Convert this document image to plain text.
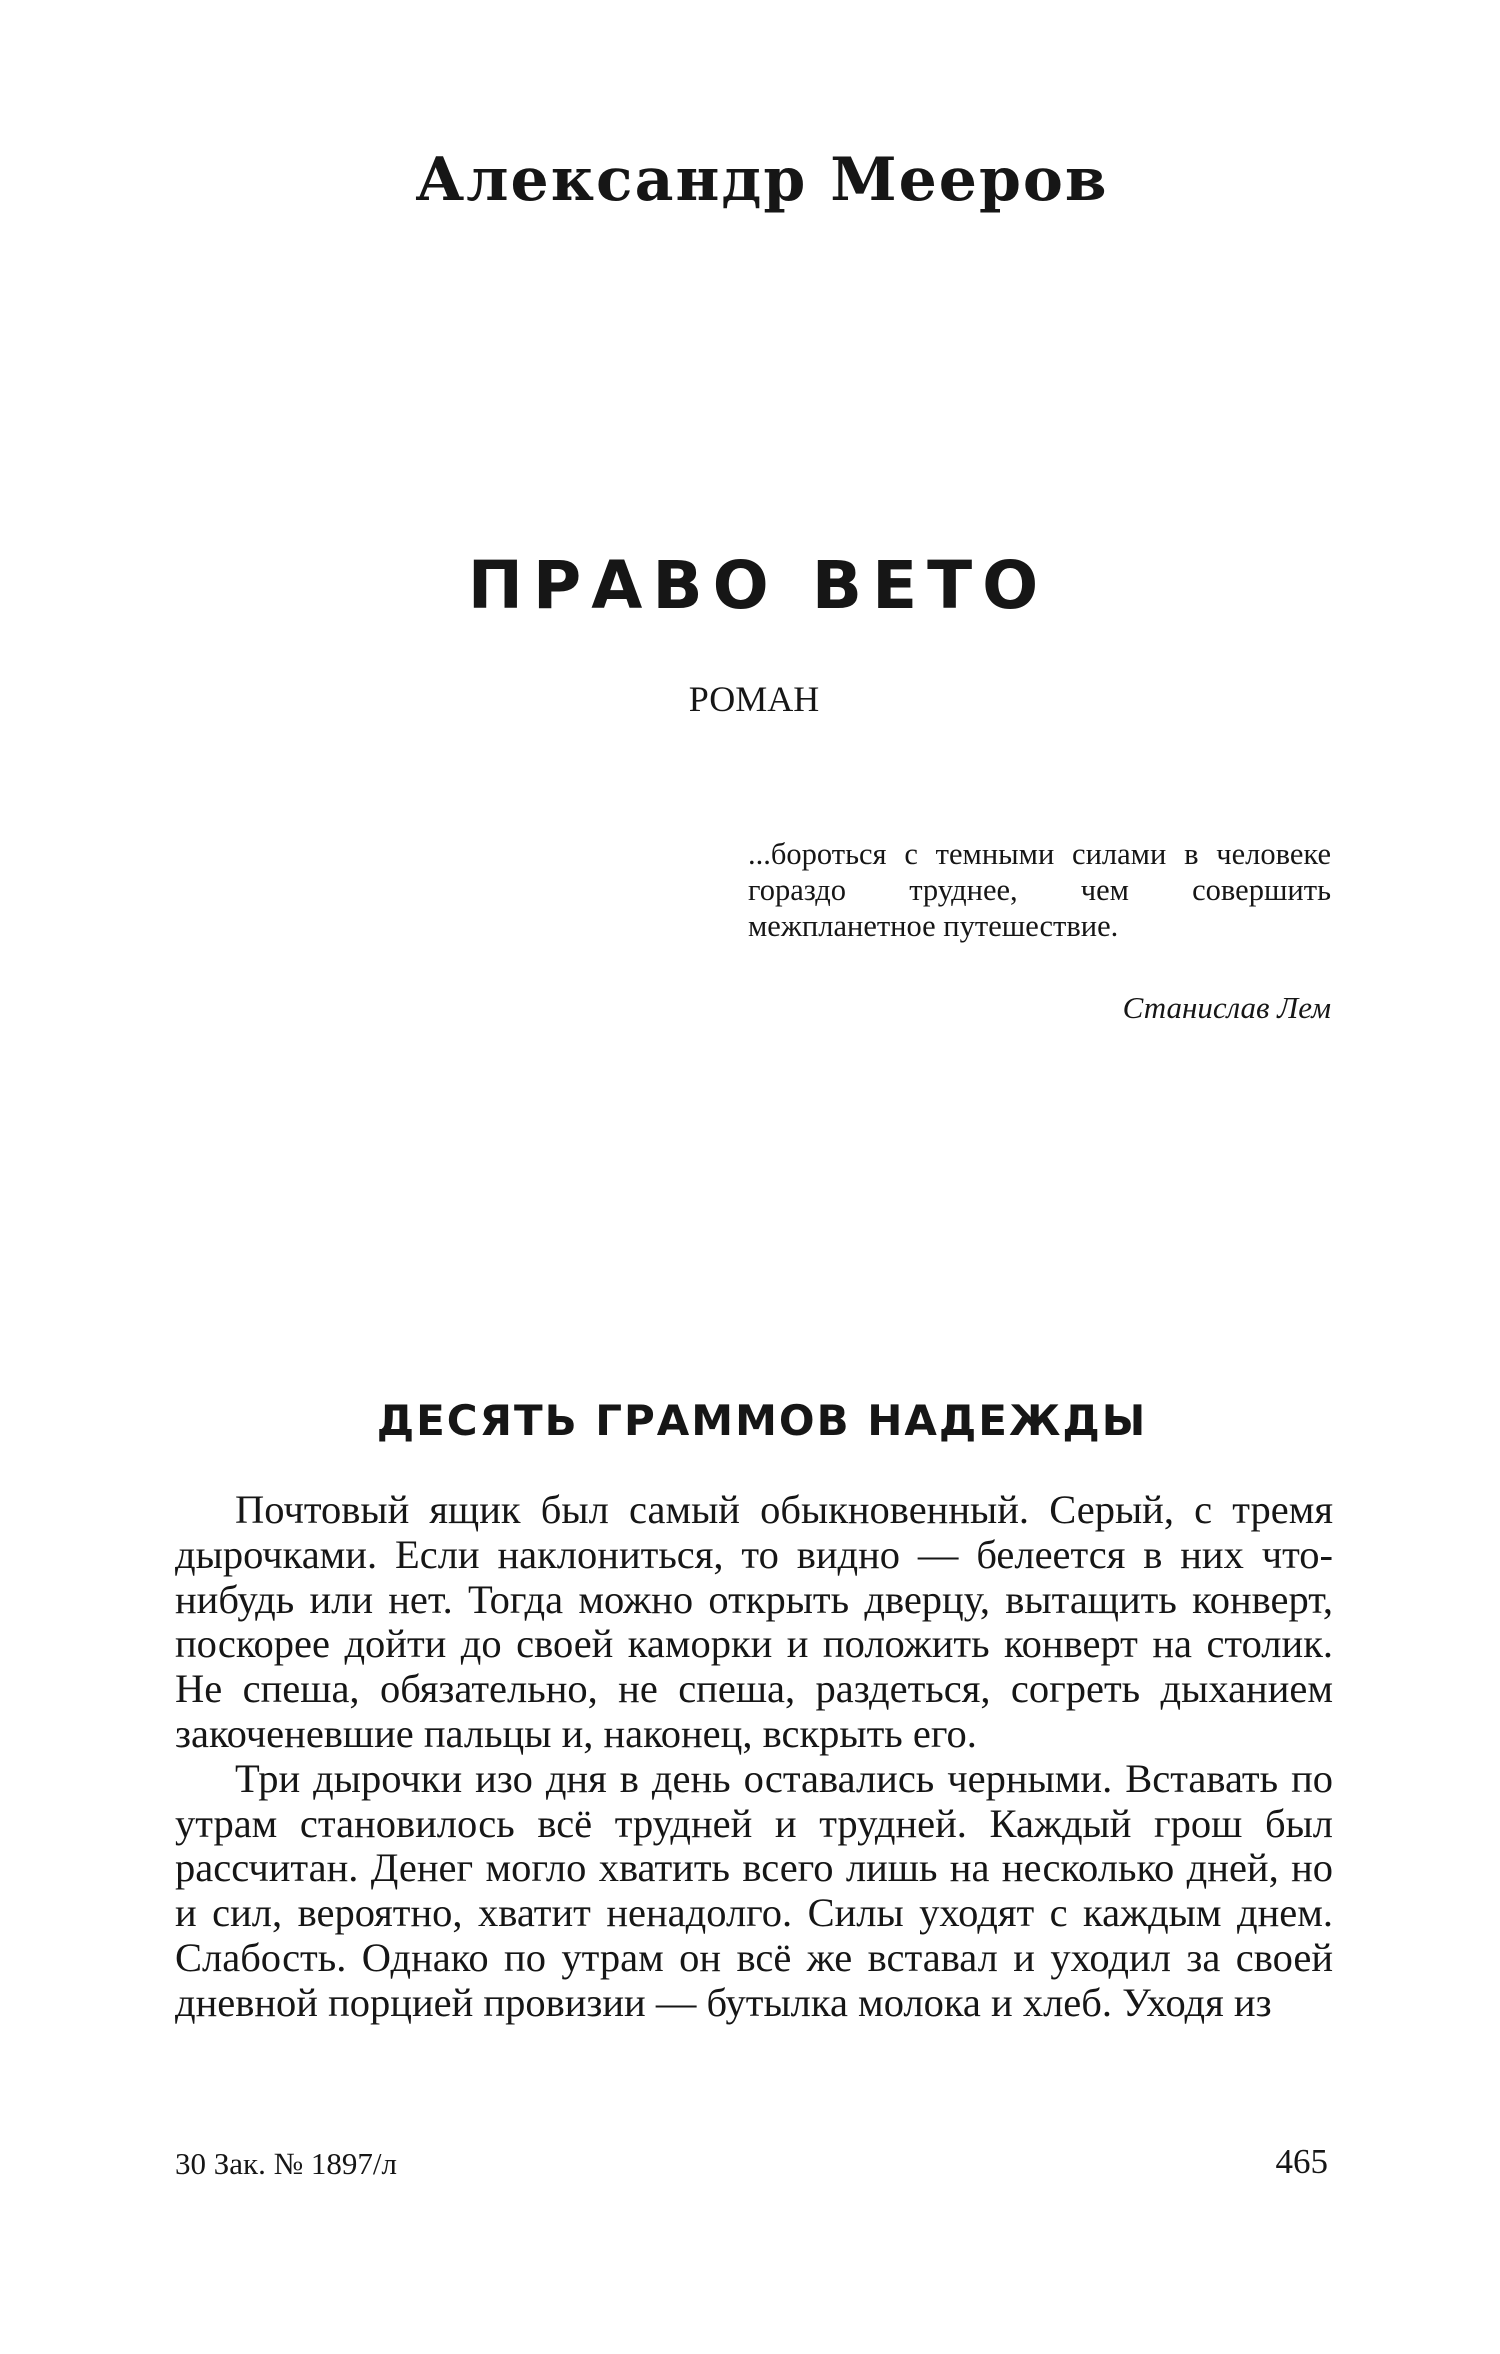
Александр Мееров
ПРАВО ВЕТО
РОМАН
...бороться с темными силами в человеке гораздо труднее, чем совершить межпланетное путешествие.
Станислав Лем
ДЕСЯТЬ ГРАММОВ НАДЕЖДЫ

Почтовый ящик был самый обыкновенный. Серый, с тремя дырочками. Если наклониться, то видно — белеется в них что-нибудь или нет. Тогда можно открыть дверцу, вытащить конверт, поскорее дойти до своей каморки и положить конверт на столик. Не спеша, обязательно, не спеша, раздеться, согреть дыханием закоченевшие пальцы и, наконец, вскрыть его.

Три дырочки изо дня в день оставались черными. Вставать по утрам становилось всё трудней и трудней. Каждый грош был рассчитан. Денег могло хватить всего лишь на несколько дней, но и сил, вероятно, хватит ненадолго. Силы уходят с каждым днем. Слабость. Однако по утрам он всё же вставал и уходил за своей дневной порцией провизии — бутылка молока и хлеб. Уходя из

30 Зак. № 1897/л	465
